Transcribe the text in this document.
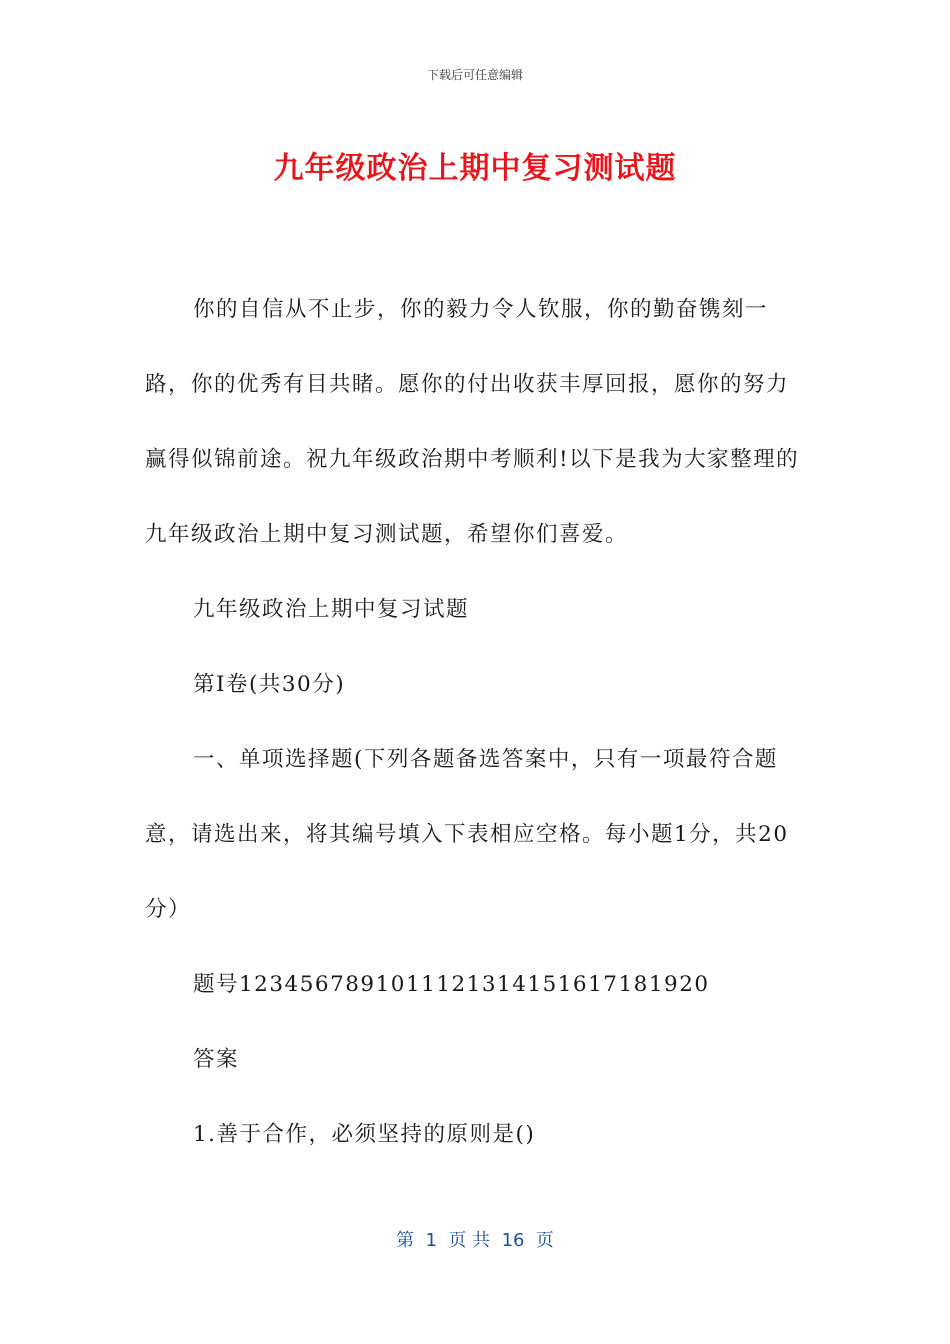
下载后可任意编辑
九年级政治上期中复习测试题

你的自信从不止步，你的毅力令人钦服，你的勤奋镌刻一路，你的优秀有目共睹。愿你的付出收获丰厚回报，愿你的努力赢得似锦前途。祝九年级政治期中考顺利!以下是我为大家整理的九年级政治上期中复习测试题，希望你们喜爱。

九年级政治上期中复习试题

第Ⅰ卷(共30分)

一、单项选择题(下列各题备选答案中，只有一项最符合题意，请选出来，将其编号填入下表相应空格。每小题1分，共20分）

题号1234567891011121314151617181920

答案

1.善于合作，必须坚持的原则是()

第  1  页 共  16  页
